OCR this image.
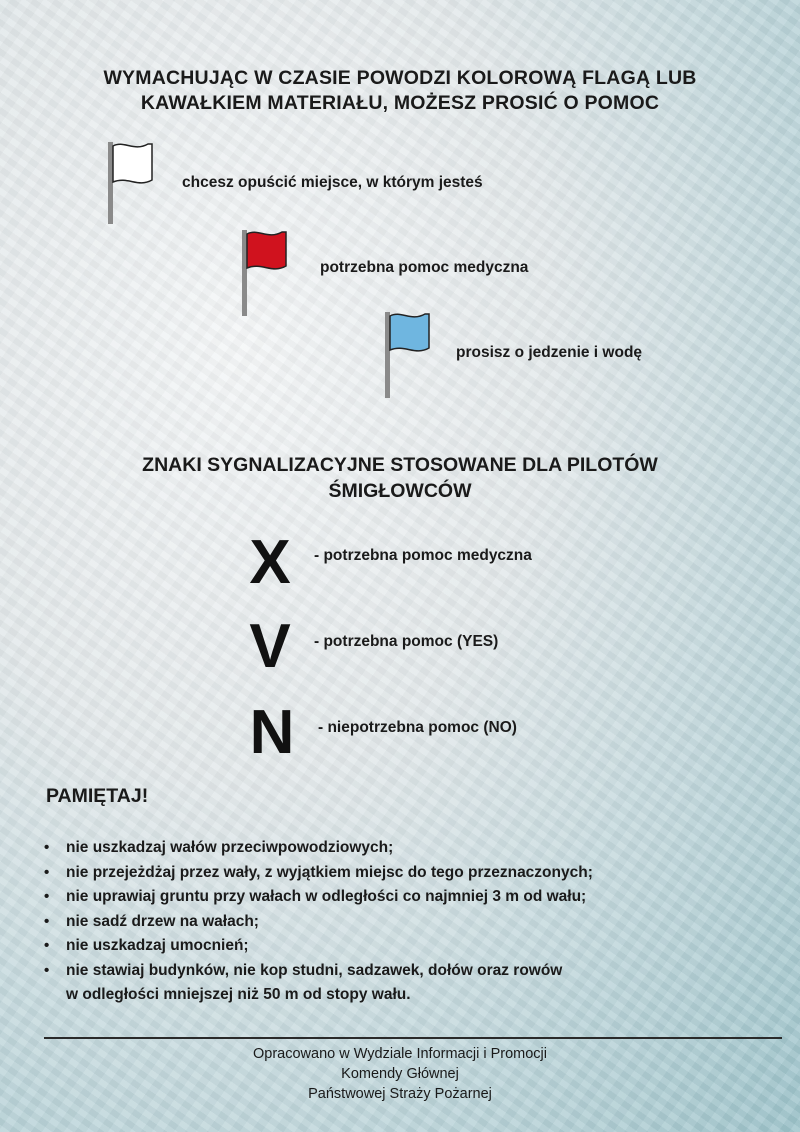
WYMACHUJĄC W CZASIE POWODZI KOLOROWĄ FLAGĄ LUB
KAWAŁKIEM MATERIAŁU, MOŻESZ PROSIĆ O POMOC
chcesz opuścić miejsce, w którym jesteś
potrzebna pomoc medyczna
prosisz o jedzenie i wodę
ZNAKI SYGNALIZACYJNE STOSOWANE DLA PILOTÓW
ŚMIGŁOWCÓW
X	- potrzebna pomoc medyczna
V	- potrzebna pomoc (YES)
N	- niepotrzebna pomoc (NO)
PAMIĘTAJ!
• nie uszkadzaj wałów przeciwpowodziowych;
• nie przejeżdżaj przez wały, z wyjątkiem miejsc do tego przeznaczonych;
• nie uprawiaj gruntu przy wałach w odległości co najmniej 3 m od wału;
• nie sadź drzew na wałach;
• nie uszkadzaj umocnień;
• nie stawiaj budynków, nie kop studni, sadzawek, dołów oraz rowów
w odległości mniejszej niż 50 m od stopy wału.
Opracowano w Wydziale Informacji i Promocji
Komendy Głównej
Państwowej Straży Pożarnej
